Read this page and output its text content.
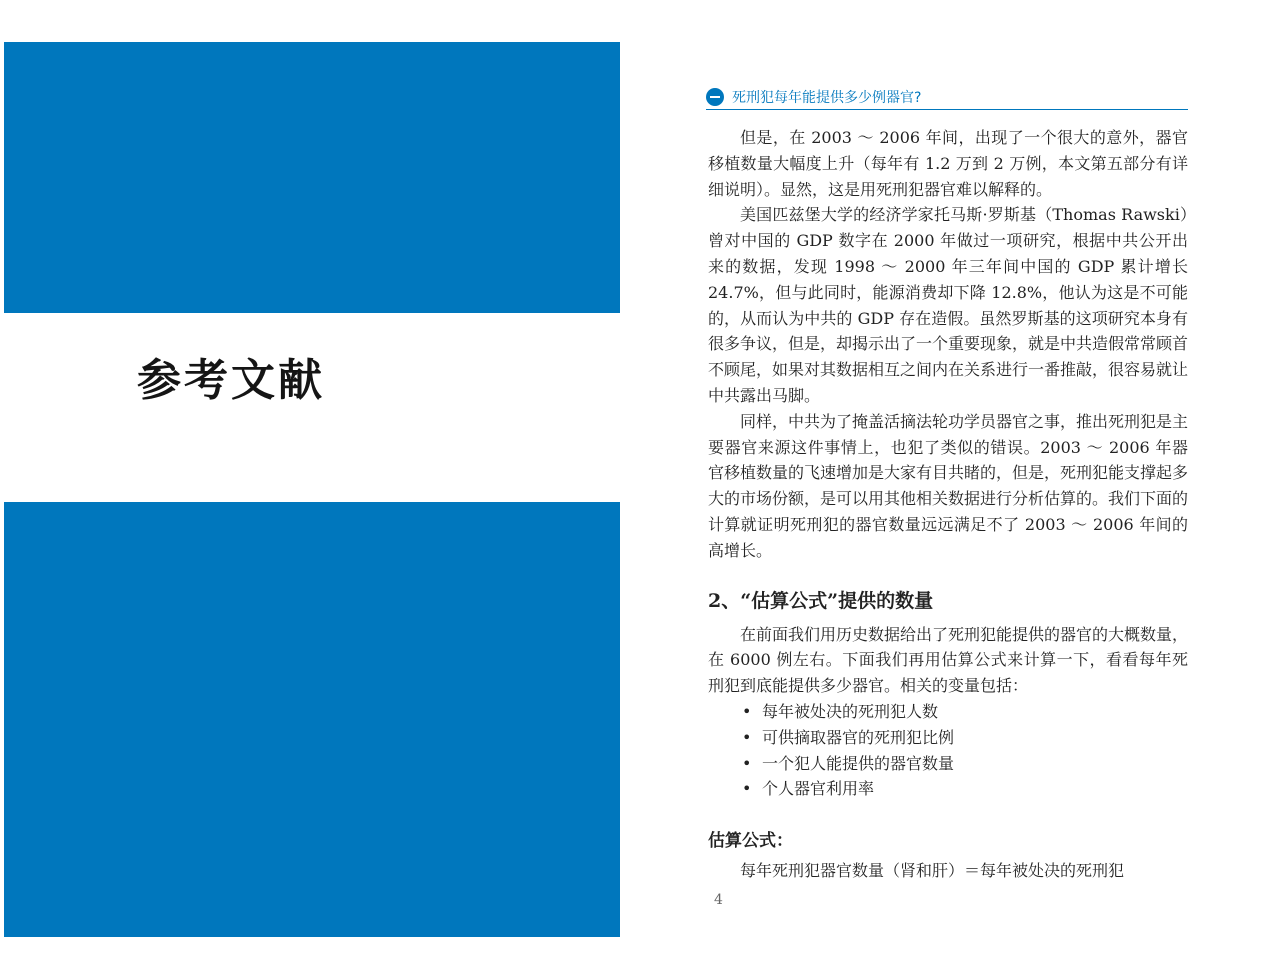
参考文献
死刑犯每年能提供多少例器官?

但是，在 2003 ～ 2006 年间，出现了一个很大的意外，器官移植数量大幅度上升（每年有 1.2 万到 2 万例，本文第五部分有详细说明）。显然，这是用死刑犯器官难以解释的。

美国匹兹堡大学的经济学家托马斯·罗斯基（Thomas Rawski）曾对中国的 GDP 数字在 2000 年做过一项研究，根据中共公开出来的数据，发现 1998 ～ 2000 年三年间中国的 GDP 累计增长 24.7%，但与此同时，能源消费却下降 12.8%，他认为这是不可能的，从而认为中共的 GDP 存在造假。虽然罗斯基的这项研究本身有很多争议，但是，却揭示出了一个重要现象，就是中共造假常常顾首不顾尾，如果对其数据相互之间内在关系进行一番推敲，很容易就让中共露出马脚。

同样，中共为了掩盖活摘法轮功学员器官之事，推出死刑犯是主要器官来源这件事情上，也犯了类似的错误。2003 ～ 2006 年器官移植数量的飞速增加是大家有目共睹的，但是，死刑犯能支撑起多大的市场份额，是可以用其他相关数据进行分析估算的。我们下面的计算就证明死刑犯的器官数量远远满足不了 2003 ～ 2006 年间的高增长。

2、“估算公式”提供的数量

在前面我们用历史数据给出了死刑犯能提供的器官的大概数量，在 6000 例左右。下面我们再用估算公式来计算一下，看看每年死刑犯到底能提供多少器官。相关的变量包括：

• 每年被处决的死刑犯人数
• 可供摘取器官的死刑犯比例
• 一个犯人能提供的器官数量
• 个人器官利用率
估算公式：

每年死刑犯器官数量（肾和肝）＝每年被处决的死刑犯

4
